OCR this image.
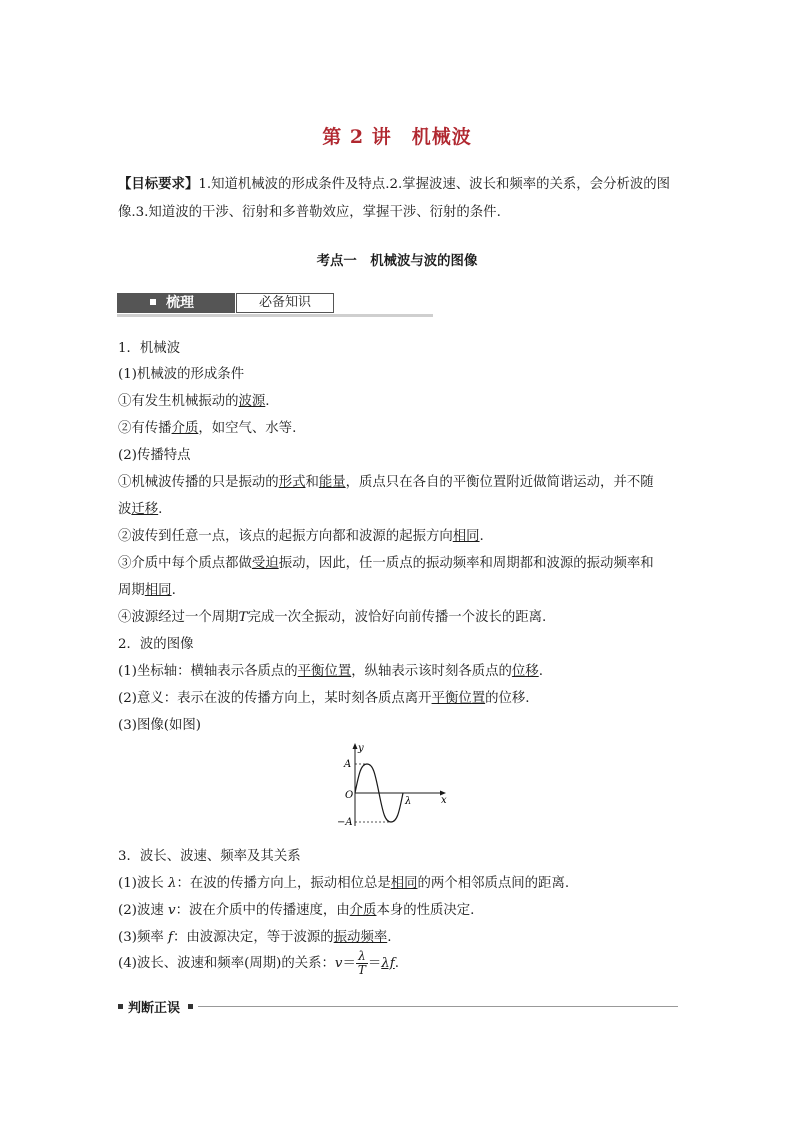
第 2 讲　机械波
【目标要求】1.知道机械波的形成条件及特点.2.掌握波速、波长和频率的关系，会分析波的图像.3.知道波的干涉、衍射和多普勒效应，掌握干涉、衍射的条件.
考点一　机械波与波的图像
梳理	必备知识
1．机械波
(1)机械波的形成条件
①有发生机械振动的波源.
②有传播介质，如空气、水等.
(2)传播特点
①机械波传播的只是振动的形式和能量，质点只在各自的平衡位置附近做简谐运动，并不随
波迁移.
②波传到任意一点，该点的起振方向都和波源的起振方向相同.
③介质中每个质点都做受迫振动，因此，任一质点的振动频率和周期都和波源的振动频率和
周期相同.
④波源经过一个周期T完成一次全振动，波恰好向前传播一个波长的距离.
2．波的图像
(1)坐标轴：横轴表示各质点的平衡位置，纵轴表示该时刻各质点的位移.
(2)意义：表示在波的传播方向上，某时刻各质点离开平衡位置的位移.
(3)图像(如图)
y
x
A
−A
O
λ
3．波长、波速、频率及其关系
(1)波长 λ：在波的传播方向上，振动相位总是相同的两个相邻质点间的距离.
(2)波速 v：波在介质中的传播速度，由介质本身的性质决定.
(3)频率 f：由波源决定，等于波源的振动频率.
(4)波长、波速和频率(周期)的关系：$v= \frac{\lambda}{T} =\lambda f$.
判断正误
